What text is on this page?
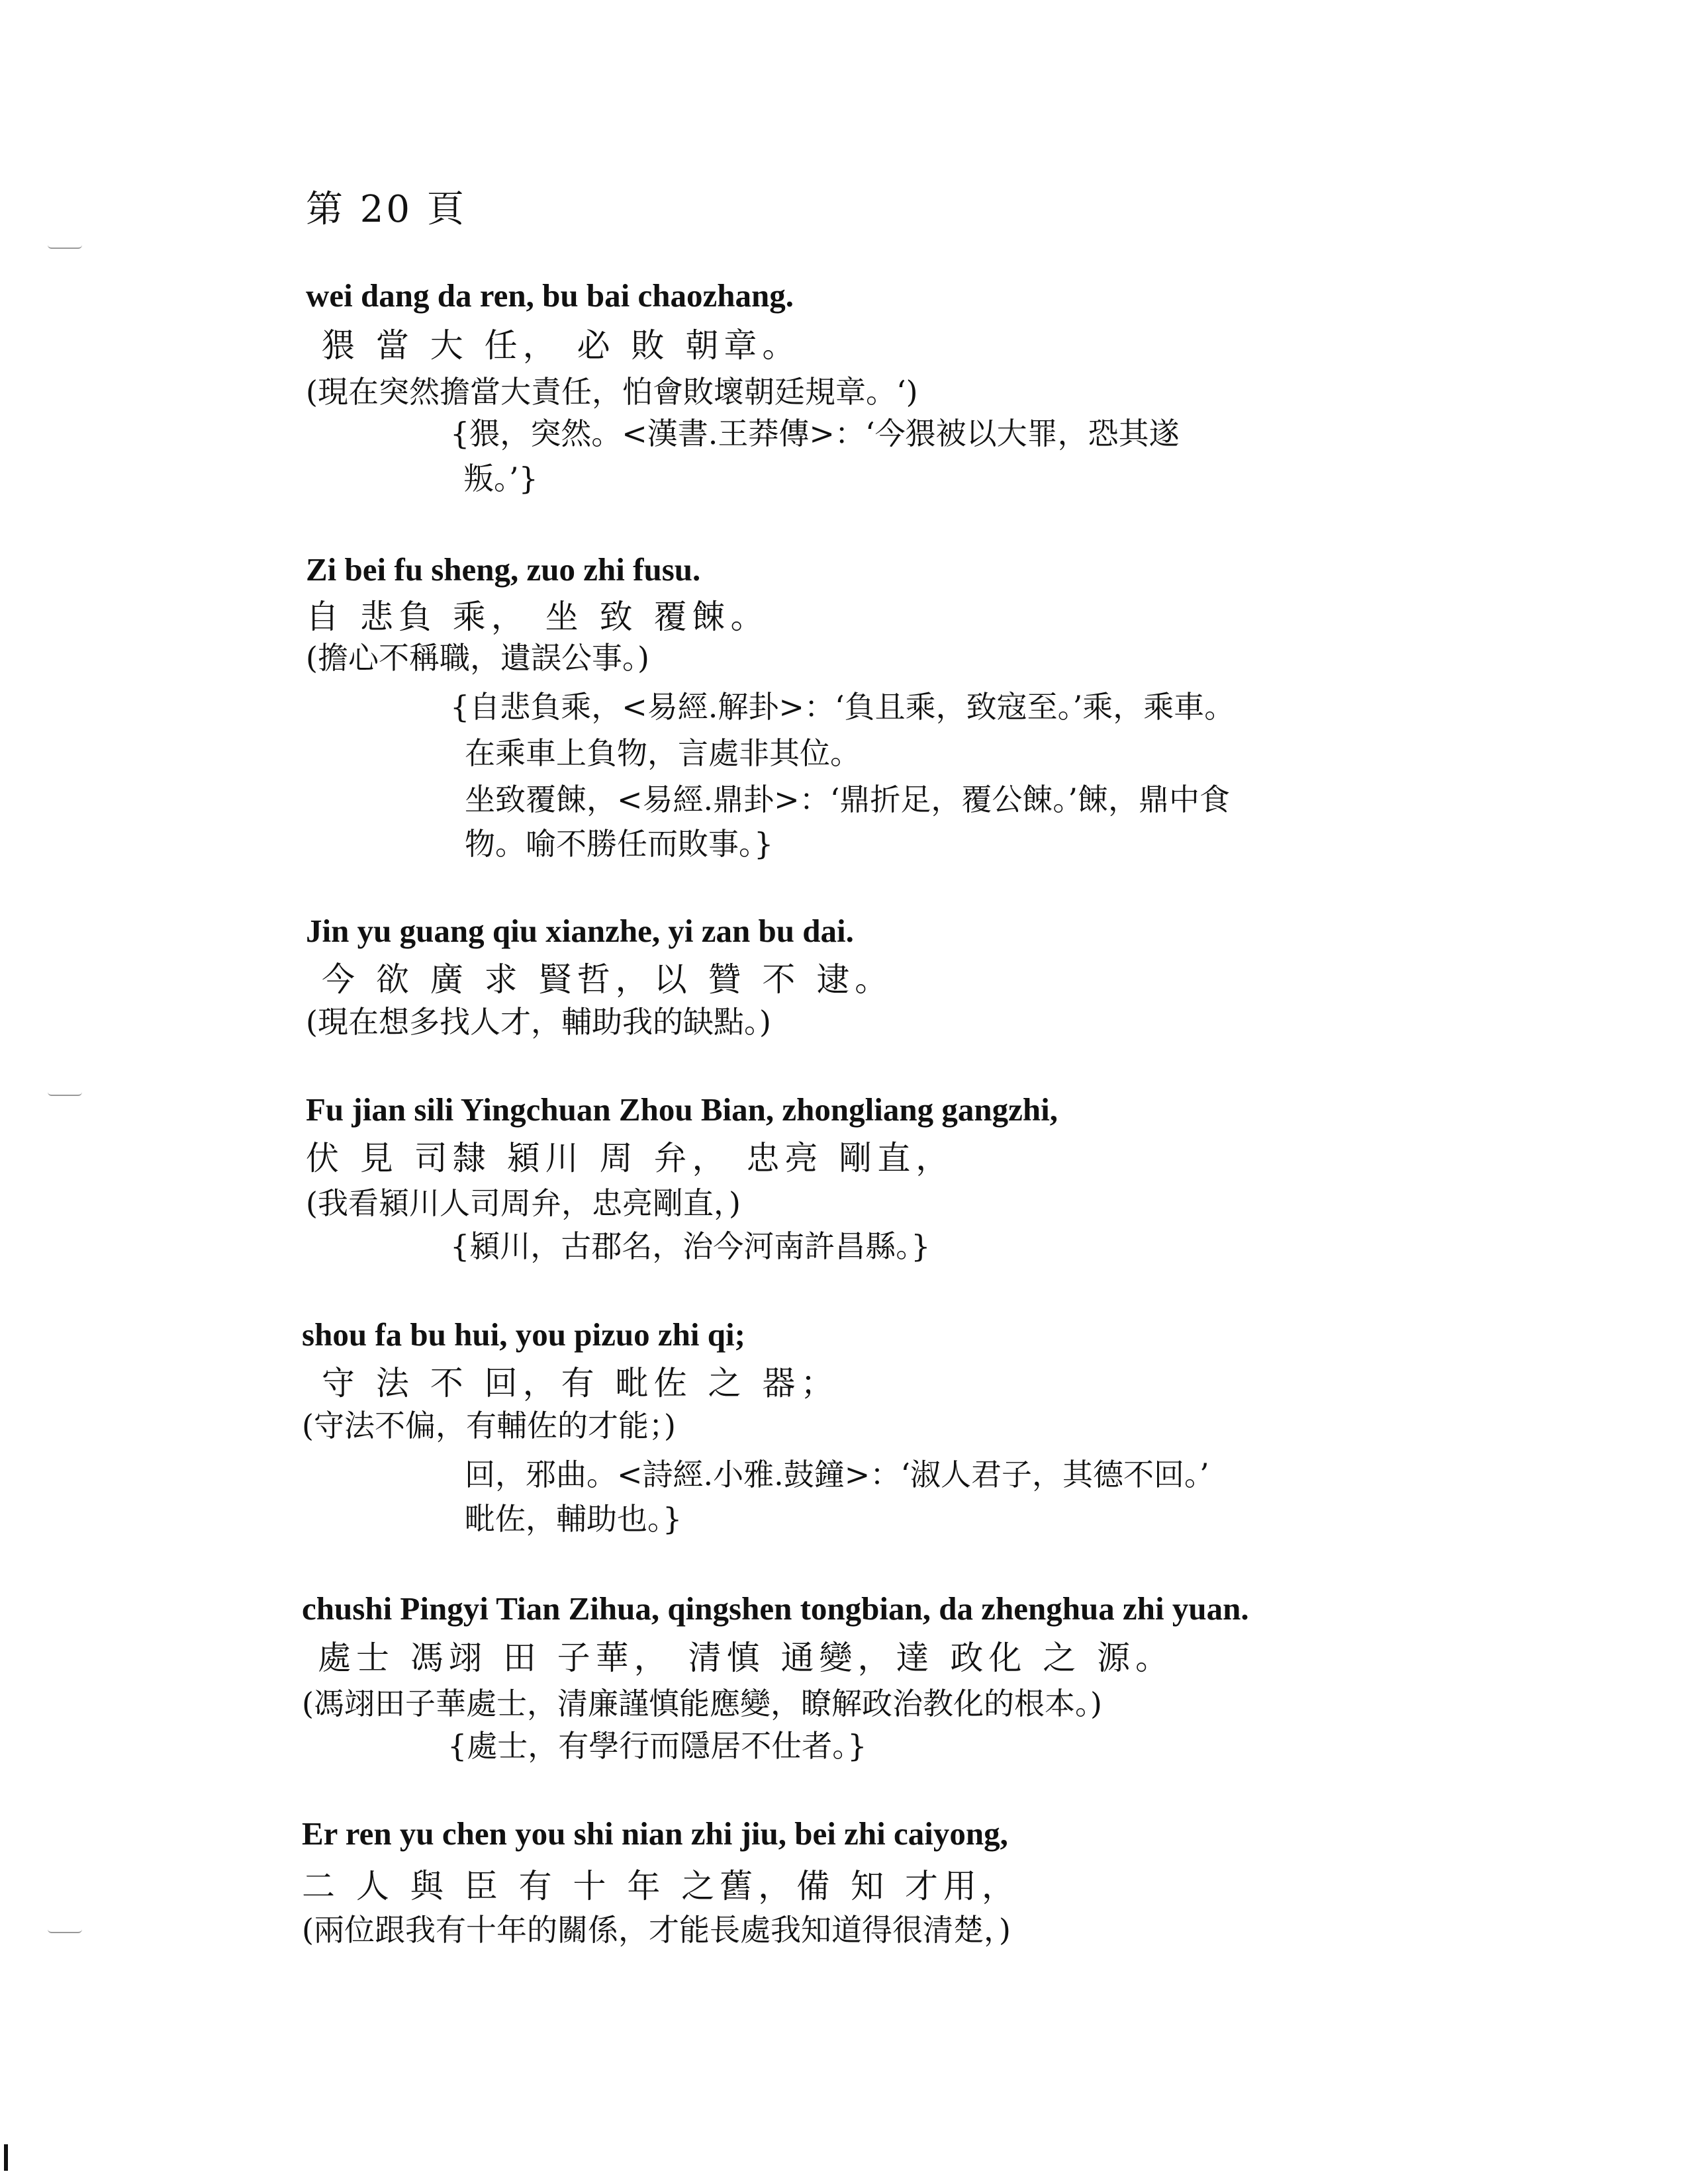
第 20 頁
wei dang da ren, bu bai chaozhang.
猥 當 大 任， 必 敗 朝章。
(現在突然擔當大責任，怕會敗壞朝廷規章。‘)
{猥，突然。<漢書.王莽傳>：‘今猥被以大罪，恐其遂
叛。’}
Zi bei fu sheng, zuo zhi fusu.
自 悲負 乘， 坐 致 覆餗。
(擔心不稱職，遺誤公事。)
{自悲負乘，<易經.解卦>：‘負且乘，致寇至。’乘，乘車。
在乘車上負物，言處非其位。
坐致覆餗，<易經.鼎卦>：‘鼎折足，覆公餗。’餗，鼎中食
物。喻不勝任而敗事。}
Jin yu guang qiu xianzhe, yi zan bu dai.
今 欲 廣 求 賢哲，以 贊 不 逮。
(現在想多找人才，輔助我的缺點。)
Fu jian sili Yingchuan Zhou Bian, zhongliang gangzhi,
伏 見 司隸 潁川 周 弁， 忠亮 剛直，
(我看潁川人司周弁，忠亮剛直，)
{潁川，古郡名，治今河南許昌縣。}
shou fa bu hui, you pizuo zhi qi;
守 法 不 回，有 毗佐 之 器；
(守法不偏，有輔佐的才能；)
回，邪曲。<詩經.小雅.鼓鐘>：‘淑人君子，其德不回。’
毗佐，輔助也。}
chushi Pingyi Tian Zihua, qingshen tongbian, da zhenghua zhi yuan.
處士 馮翊 田 子華， 清慎 通變，達 政化 之 源。
(馮翊田子華處士，清廉謹慎能應變，瞭解政治教化的根本。)
{處士，有學行而隱居不仕者。}
Er ren yu chen you shi nian zhi jiu, bei zhi caiyong,
二 人 與 臣 有 十 年 之舊，備 知 才用，
(兩位跟我有十年的關係，才能長處我知道得很清楚，)
